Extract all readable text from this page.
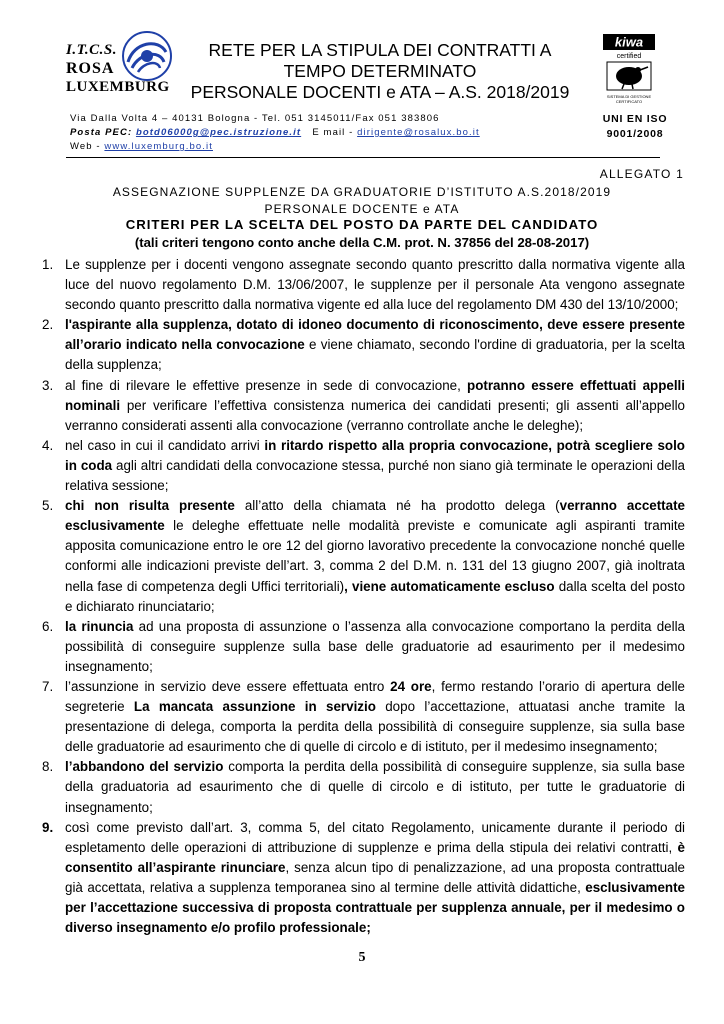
I.T.C.S.
ROSA
LUXEMBURG
RETE PER LA STIPULA DEI CONTRATTI A
TEMPO DETERMINATO
PERSONALE DOCENTI e ATA – A.S. 2018/2019
kiwa
certified
SISTEMA DI GESTIONE
CERTIFICATO
UNI EN ISO
9001/2008
Via Dalla Volta 4 – 40131 Bologna - Tel. 051 3145011/Fax 051 383806
Posta PEC: botd06000g@pec.istruzione.it E mail - dirigente@rosalux.bo.it
Web - www.luxemburg.bo.it
ALLEGATO 1
ASSEGNAZIONE SUPPLENZE DA GRADUATORIE D’ISTITUTO A.S.2018/2019
PERSONALE DOCENTE e ATA
CRITERI PER LA SCELTA DEL POSTO DA PARTE DEL CANDIDATO
(tali criteri tengono conto anche della C.M. prot. N. 37856 del 28-08-2017)
1. Le supplenze per i docenti vengono assegnate secondo quanto prescritto dalla normativa vigente alla luce del nuovo regolamento D.M. 13/06/2007, le supplenze per il personale Ata vengono assegnate secondo quanto prescritto dalla normativa vigente ed alla luce del regolamento DM 430 del 13/10/2000;
2. l'aspirante alla supplenza, dotato di idoneo documento di riconoscimento, deve essere presente all’orario indicato nella convocazione e viene chiamato, secondo l'ordine di graduatoria, per la scelta della supplenza;
3. al fine di rilevare le effettive presenze in sede di convocazione, potranno essere effettuati appelli nominali per verificare l’effettiva consistenza numerica dei candidati presenti; gli assenti all’appello verranno considerati assenti alla convocazione (verranno controllate anche le deleghe);
4. nel caso in cui il candidato arrivi in ritardo rispetto alla propria convocazione, potrà scegliere solo in coda agli altri candidati della convocazione stessa, purché non siano già terminate le operazioni della relativa sessione;
5. chi non risulta presente all’atto della chiamata né ha prodotto delega (verranno accettate esclusivamente le deleghe effettuate nelle modalità previste e comunicate agli aspiranti tramite apposita comunicazione entro le ore 12 del giorno lavorativo precedente la convocazione nonché quelle conformi alle indicazioni previste dell’art. 3, comma 2 del D.M. n. 131 del 13 giugno 2007, già inoltrata nella fase di competenza degli Uffici territoriali), viene automaticamente escluso dalla scelta del posto e dichiarato rinunciatario;
6. la rinuncia ad una proposta di assunzione o l’assenza alla convocazione comportano la perdita della possibilità di conseguire supplenze sulla base delle graduatorie ad esaurimento per il medesimo insegnamento;
7. l’assunzione in servizio deve essere effettuata entro 24 ore, fermo restando l’orario di apertura delle segreterie La mancata assunzione in servizio dopo l’accettazione, attuatasi anche tramite la presentazione di delega, comporta la perdita della possibilità di conseguire supplenze, sia sulla base delle graduatorie ad esaurimento che di quelle di circolo e di istituto, per il medesimo insegnamento;
8. l’abbandono del servizio comporta la perdita della possibilità di conseguire supplenze, sia sulla base della graduatoria ad esaurimento che di quelle di circolo e di istituto, per tutte le graduatorie di insegnamento;
9. così come previsto dall’art. 3, comma 5, del citato Regolamento, unicamente durante il periodo di espletamento delle operazioni di attribuzione di supplenze e prima della stipula dei relativi contratti, è consentito all’aspirante rinunciare, senza alcun tipo di penalizzazione, ad una proposta contrattuale già accettata, relativa a supplenza temporanea sino al termine delle attività didattiche, esclusivamente per l’accettazione successiva di proposta contrattuale per supplenza annuale, per il medesimo o diverso insegnamento e/o profilo professionale;
5
